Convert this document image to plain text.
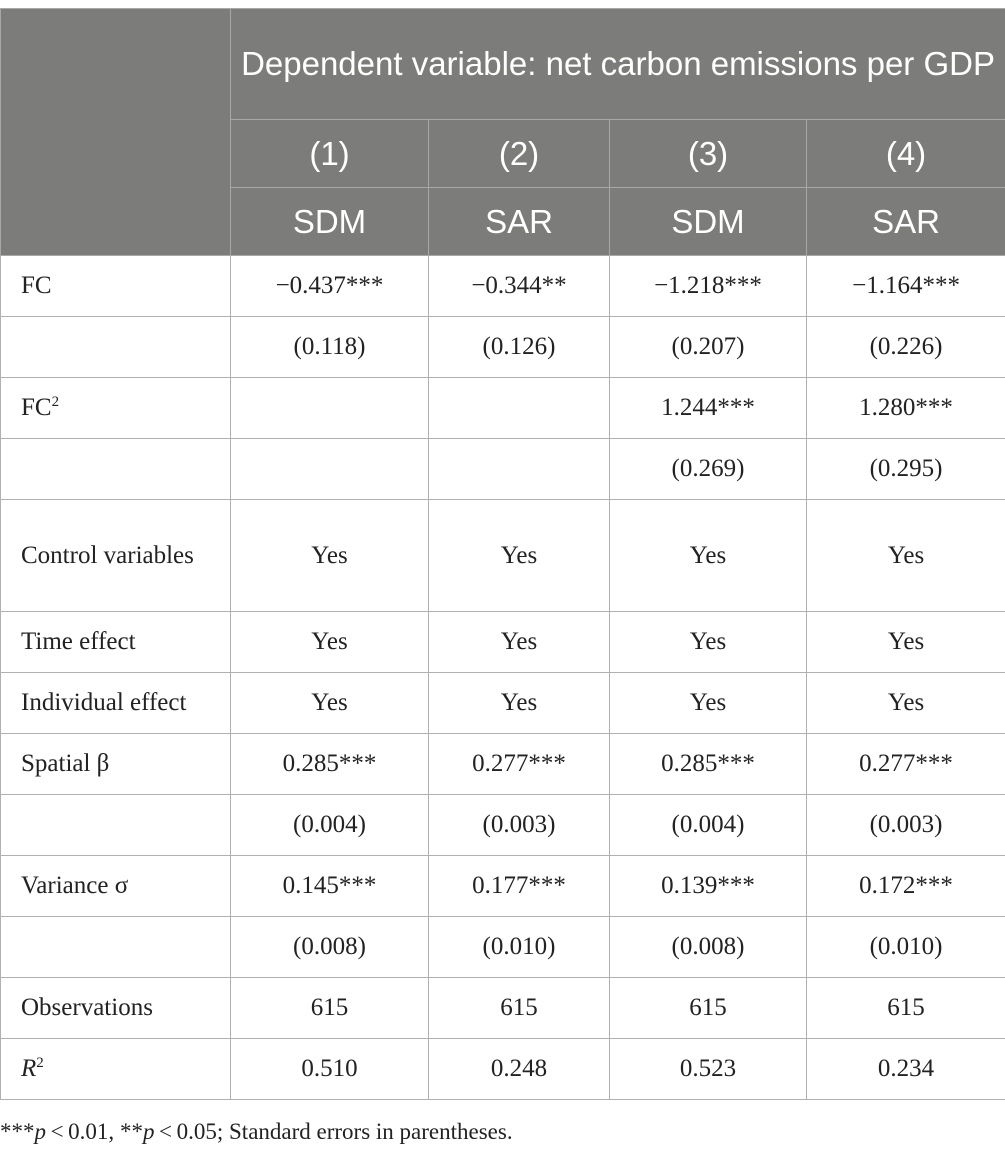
	Dependent variable: net carbon emissions per GDP			
	(1)	(2)	(3)	(4)
	SDM	SAR	SDM	SAR
FC	−0.437***	−0.344**	−1.218***	−1.164***
	(0.118)	(0.126)	(0.207)	(0.226)
$FC^2$			1.244***	1.280***
			(0.269)	(0.295)
Control variables	Yes	Yes	Yes	Yes
Time effect	Yes	Yes	Yes	Yes
Individual effect	Yes	Yes	Yes	Yes
Spatial β	0.285***	0.277***	0.285***	0.277***
	(0.004)	(0.003)	(0.004)	(0.003)
Variance σ	0.145***	0.177***	0.139***	0.172***
	(0.008)	(0.010)	(0.008)	(0.010)
Observations	615	615	615	615
$R^2$	0.510	0.248	0.523	0.234
***p < 0.01, **p < 0.05; Standard errors in parentheses.
